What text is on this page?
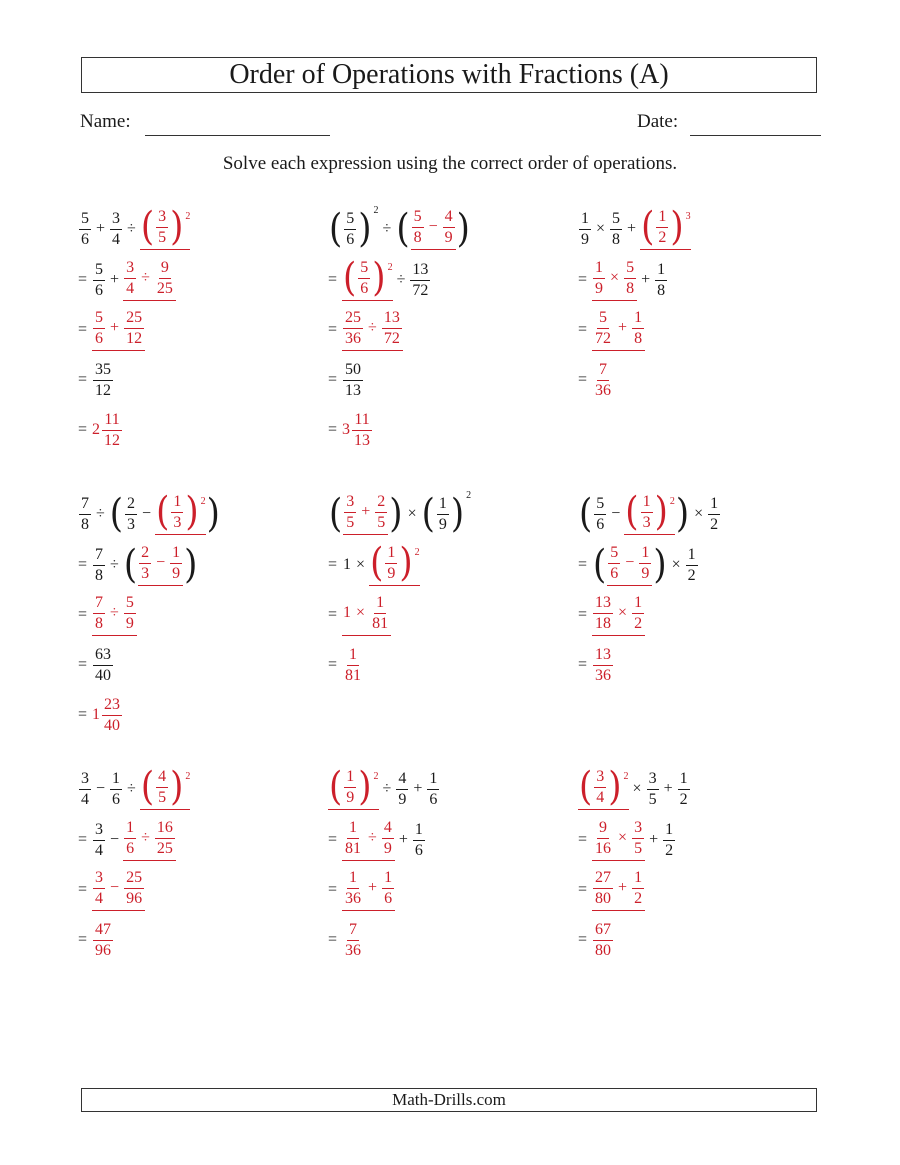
Order of Operations with Fractions (A)
Name:	Date:
Solve each expression using the correct order of operations.
$\frac{5}{6} + \frac{3}{4}$ ÷ ( $\frac{3}{5}$ ) 2
= $\frac{5}{6} + \frac{3}{4} \div \frac{9}{25}$
= $\frac{5}{6} + \frac{25}{12}$
= $\frac{35}{12}$
= $2 \frac{11}{12}$
( $\frac{5}{6}$ ) 2
÷ ( $\frac{5}{8} - \frac{4}{9}$ )
= ( $\frac{5}{6}$ ) 2
÷ $\frac{13}{72}$
= $\frac{25}{36} \div \frac{13}{72}$
= $\frac{50}{13}$
= $3 \frac{11}{13}$
$\frac{1}{9} \times \frac{5}{8}$ + ( $\frac{1}{2}$ ) 3
= $\frac{1}{9} \times \frac{5}{8} + \frac{1}{8}$
= $\frac{5}{72} + \frac{1}{8}$
= $\frac{7}{36}$
$\frac{7}{8}$ ÷ ( $\frac{2}{3}$ − ( $\frac{1}{3}$ ) 2 )
= $\frac{7}{8}$ ÷ ( $\frac{2}{3} - \frac{1}{9}$ )
= $\frac{7}{8} \div \frac{5}{9}$
= $\frac{63}{40}$
= $1 \frac{23}{40}$
( $\frac{3}{5} + \frac{2}{5}$ ) × ( $\frac{1}{9}$ ) 2
= 1 × ( $\frac{1}{9}$ ) 2
= $1 \times \frac{1}{81}$
= $\frac{1}{81}$
( $\frac{5}{6}$ − ( $\frac{1}{3}$ ) 2 ) × $\frac{1}{2}$
= ( $\frac{5}{6} - \frac{1}{9}$ ) × $\frac{1}{2}$
= $\frac{13}{18} \times \frac{1}{2}$
= $\frac{13}{36}$
$\frac{3}{4} - \frac{1}{6}$ ÷ ( $\frac{4}{5}$ ) 2
= $\frac{3}{4} - \frac{1}{6} \div \frac{16}{25}$
= $\frac{3}{4} - \frac{25}{96}$
= $\frac{47}{96}$
( $\frac{1}{9}$ ) 2
÷ $\frac{4}{9} + \frac{1}{6}$
= $\frac{1}{81} \div \frac{4}{9} + \frac{1}{6}$
= $\frac{1}{36} + \frac{1}{6}$
= $\frac{7}{36}$
( $\frac{3}{4}$ ) 2
× $\frac{3}{5} + \frac{1}{2}$
= $\frac{9}{16} \times \frac{3}{5} + \frac{1}{2}$
= $\frac{27}{80} + \frac{1}{2}$
= $\frac{67}{80}$
Math-Drills.com
